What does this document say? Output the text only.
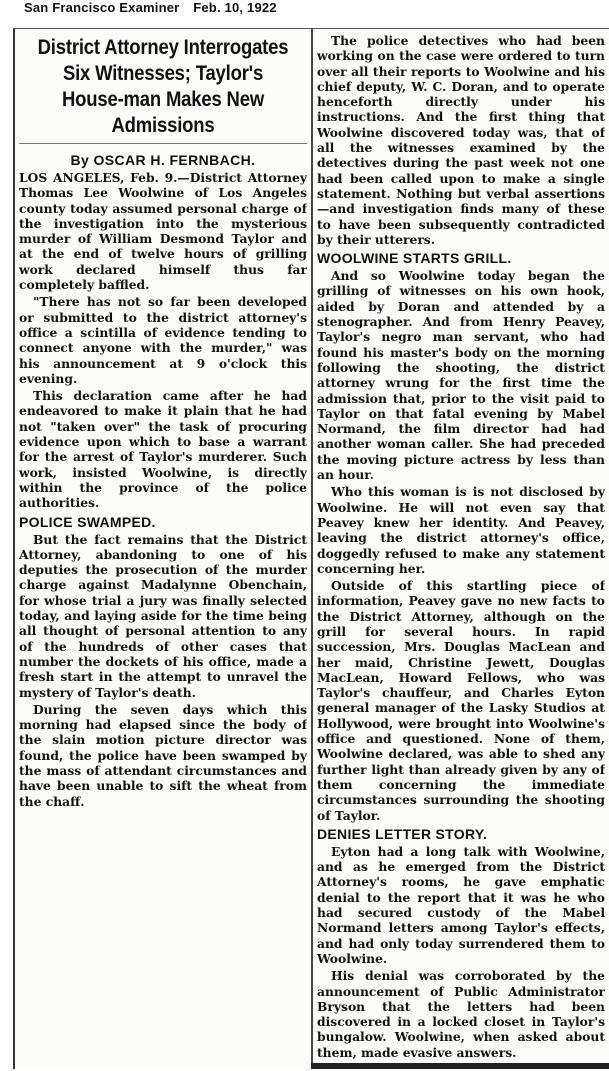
San Francisco Examiner Feb. 10, 1922
District Attorney Interrogates Six Witnesses; Taylor's House-man Makes New Admissions
By OSCAR H. FERNBACH.

LOS ANGELES, Feb. 9.—District Attorney Thomas Lee Woolwine of Los Angeles county today assumed personal charge of the investigation into the mysterious murder of William Desmond Taylor and at the end of twelve hours of grilling work declared himself thus far completely baffled.

"There has not so far been developed or submitted to the district attorney's office a scintilla of evidence tending to connect anyone with the murder," was his announcement at 9 o'clock this evening.

This declaration came after he had endeavored to make it plain that he had not "taken over" the task of procuring evidence upon which to base a warrant for the arrest of Taylor's murderer. Such work, insisted Woolwine, is directly within the province of the police authorities.

POLICE SWAMPED.

But the fact remains that the District Attorney, abandoning to one of his deputies the prosecution of the murder charge against Madalynne Obenchain, for whose trial a jury was finally selected today, and laying aside for the time being all thought of personal attention to any of the hundreds of other cases that number the dockets of his office, made a fresh start in the attempt to unravel the mystery of Taylor's death.

During the seven days which this morning had elapsed since the body of the slain motion picture director was found, the police have been swamped by the mass of attendant circumstances and have been unable to sift the wheat from the chaff.

The police detectives who had been working on the case were ordered to turn over all their reports to Woolwine and his chief deputy, W. C. Doran, and to operate henceforth directly under his instructions. And the first thing that Woolwine discovered today was, that of all the witnesses examined by the detectives during the past week not one had been called upon to make a single statement. Nothing but verbal assertions—and investigation finds many of these to have been subsequently contradicted by their utterers.

WOOLWINE STARTS GRILL.

And so Woolwine today began the grilling of witnesses on his own hook, aided by Doran and attended by a stenographer. And from Henry Peavey, Taylor's negro man servant, who had found his master's body on the morning following the shooting, the district attorney wrung for the first time the admission that, prior to the visit paid to Taylor on that fatal evening by Mabel Normand, the film director had had another woman caller. She had preceded the moving picture actress by less than an hour.

Who this woman is is not disclosed by Woolwine. He will not even say that Peavey knew her identity. And Peavey, leaving the district attorney's office, doggedly refused to make any statement concerning her.

Outside of this startling piece of information, Peavey gave no new facts to the District Attorney, although on the grill for several hours. In rapid succession, Mrs. Douglas MacLean and her maid, Christine Jewett, Douglas MacLean, Howard Fellows, who was Taylor's chauffeur, and Charles Eyton general manager of the Lasky Studios at Hollywood, were brought into Woolwine's office and questioned. None of them, Woolwine declared, was able to shed any further light than already given by any of them concerning the immediate circumstances surrounding the shooting of Taylor.

DENIES LETTER STORY.

Eyton had a long talk with Woolwine, and as he emerged from the District Attorney's rooms, he gave emphatic denial to the report that it was he who had secured custody of the Mabel Normand letters among Taylor's effects, and had only today surrendered them to Woolwine.

His denial was corroborated by the announcement of Public Administrator Bryson that the letters had been discovered in a locked closet in Taylor's bungalow. Woolwine, when asked about them, made evasive answers.
